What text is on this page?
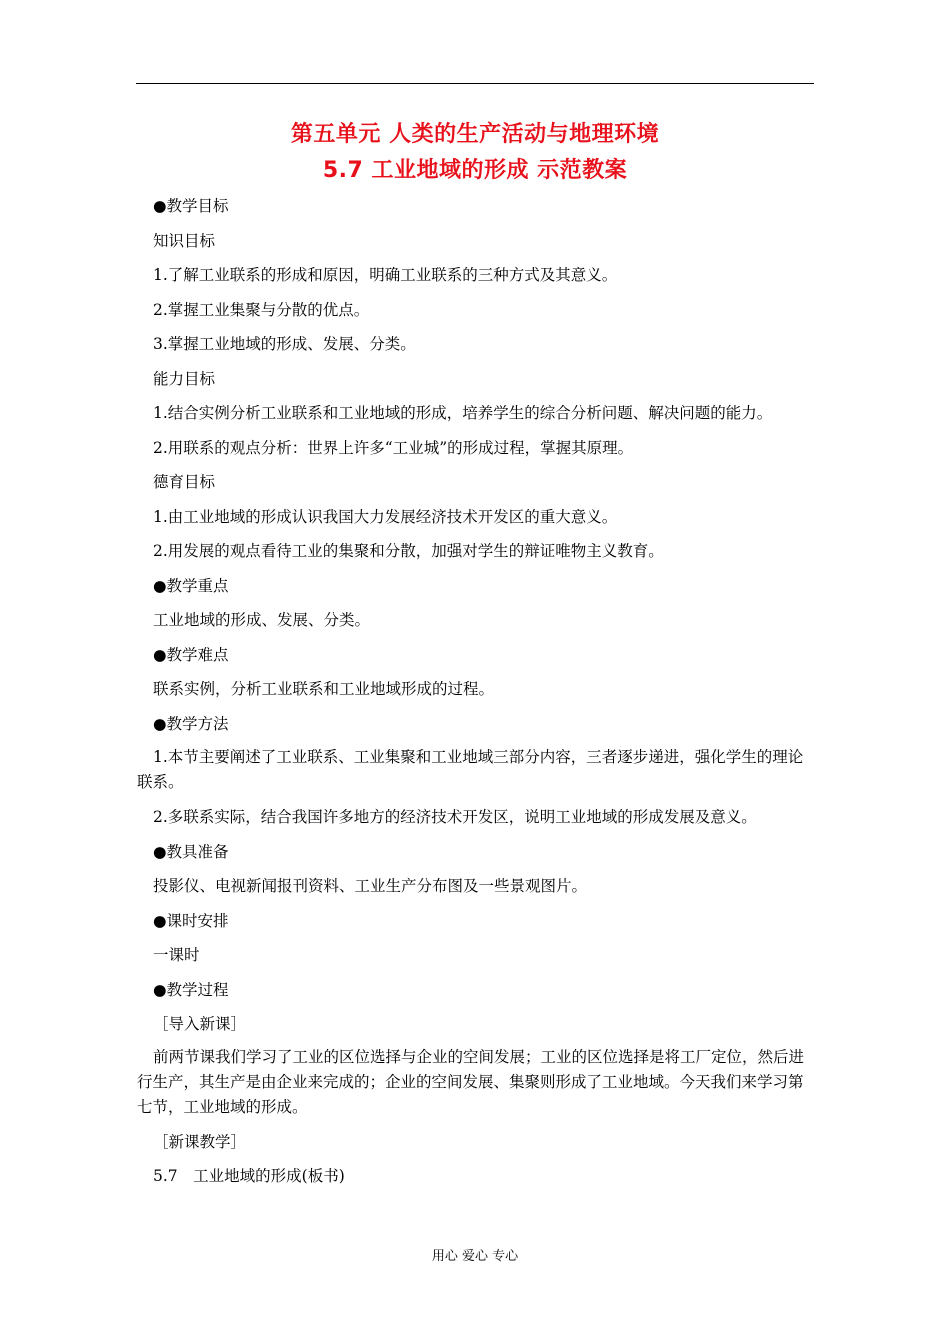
第五单元 人类的生产活动与地理环境
5.7 工业地域的形成 示范教案
● 教学目标
知识目标
1.了解工业联系的形成和原因，明确工业联系的三种方式及其意义。
2.掌握工业集聚与分散的优点。
3.掌握工业地域的形成、发展、分类。
能力目标
1.结合实例分析工业联系和工业地域的形成，培养学生的综合分析问题、解决问题的能力。
2.用联系的观点分析：世界上许多“工业城”的形成过程，掌握其原理。
德育目标
1.由工业地域的形成认识我国大力发展经济技术开发区的重大意义。
2.用发展的观点看待工业的集聚和分散，加强对学生的辩证唯物主义教育。
● 教学重点
工业地域的形成、发展、分类。
● 教学难点
联系实例，分析工业联系和工业地域形成的过程。
● 教学方法
1.本节主要阐述了工业联系、工业集聚和工业地域三部分内容，三者逐步递进，强化学生的理论联系。
2.多联系实际，结合我国许多地方的经济技术开发区，说明工业地域的形成发展及意义。
● 教具准备
投影仪、电视新闻报刊资料、工业生产分布图及一些景观图片。
● 课时安排
一课时
● 教学过程
［导入新课］
前两节课我们学习了工业的区位选择与企业的空间发展；工业的区位选择是将工厂定位，然后进行生产，其生产是由企业来完成的；企业的空间发展、集聚则形成了工业地域。今天我们来学习第七节，工业地域的形成。
［新课教学］
5.7　工业地域的形成(板书)
用心 爱心 专心
